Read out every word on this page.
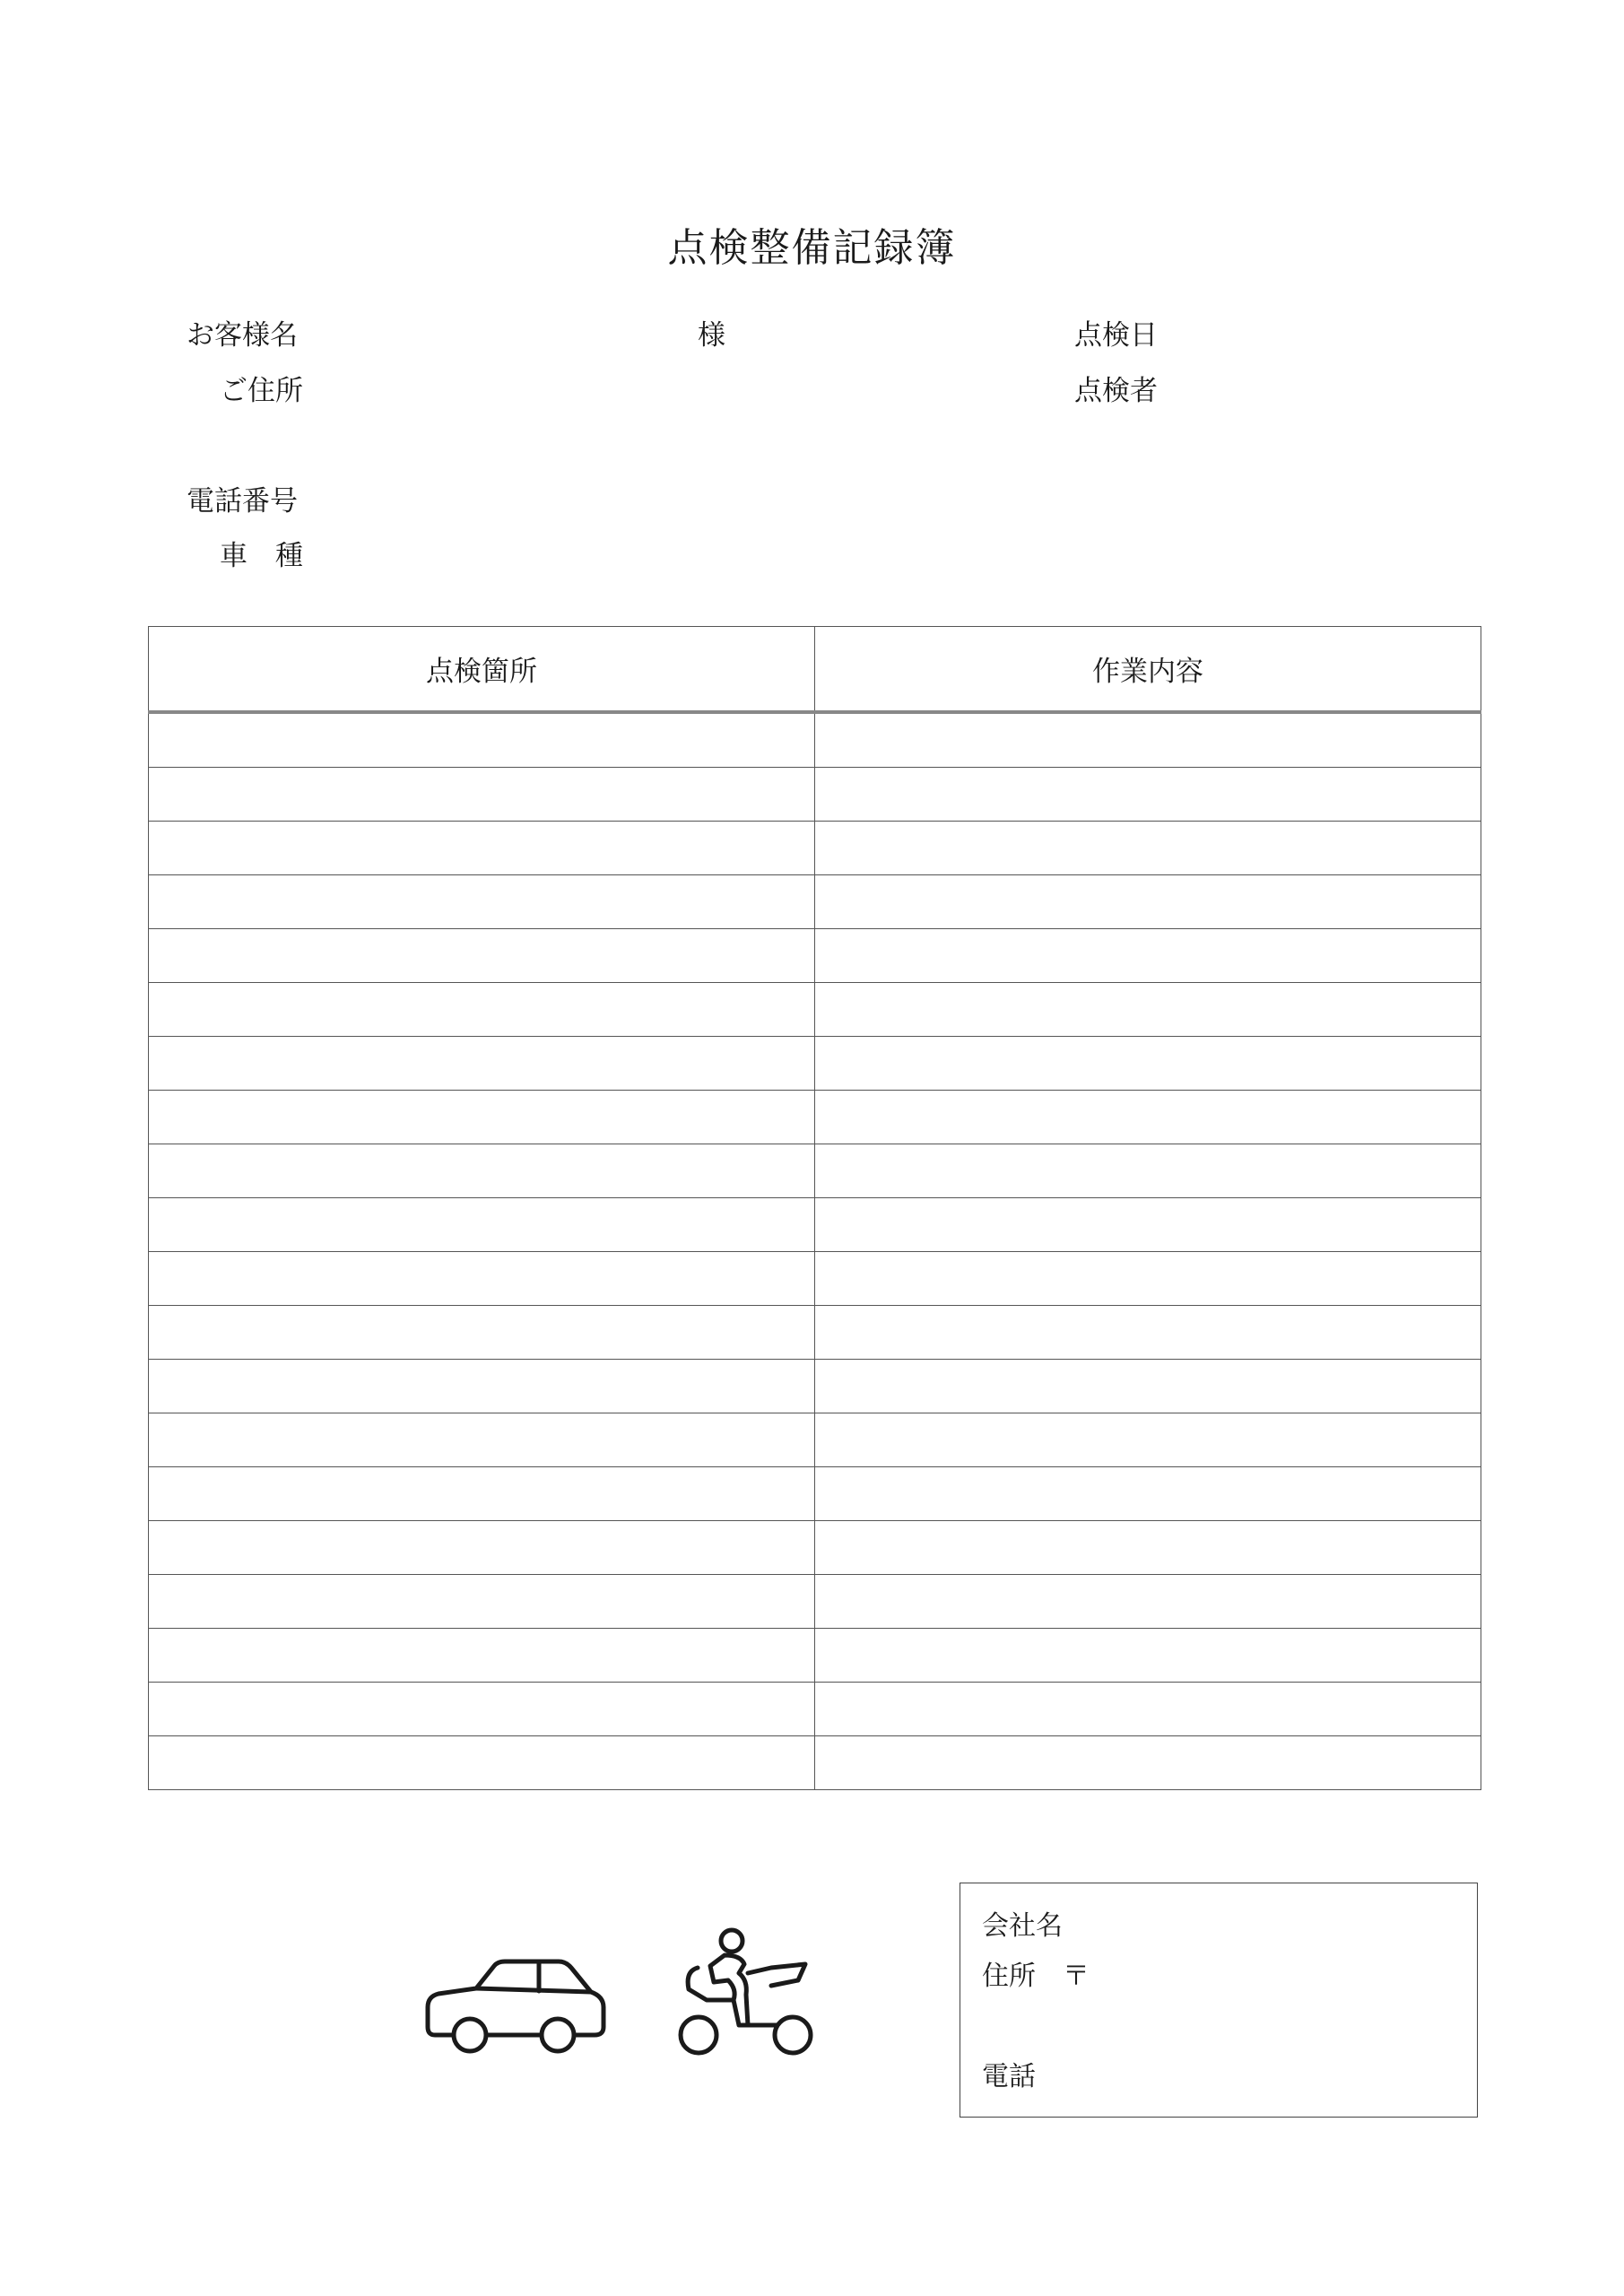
点検整備記録簿
お客様名	様	点検日
ご住所	点検者
電話番号
車　種
点検箇所	作業内容

会社名
住所　〒
電話
